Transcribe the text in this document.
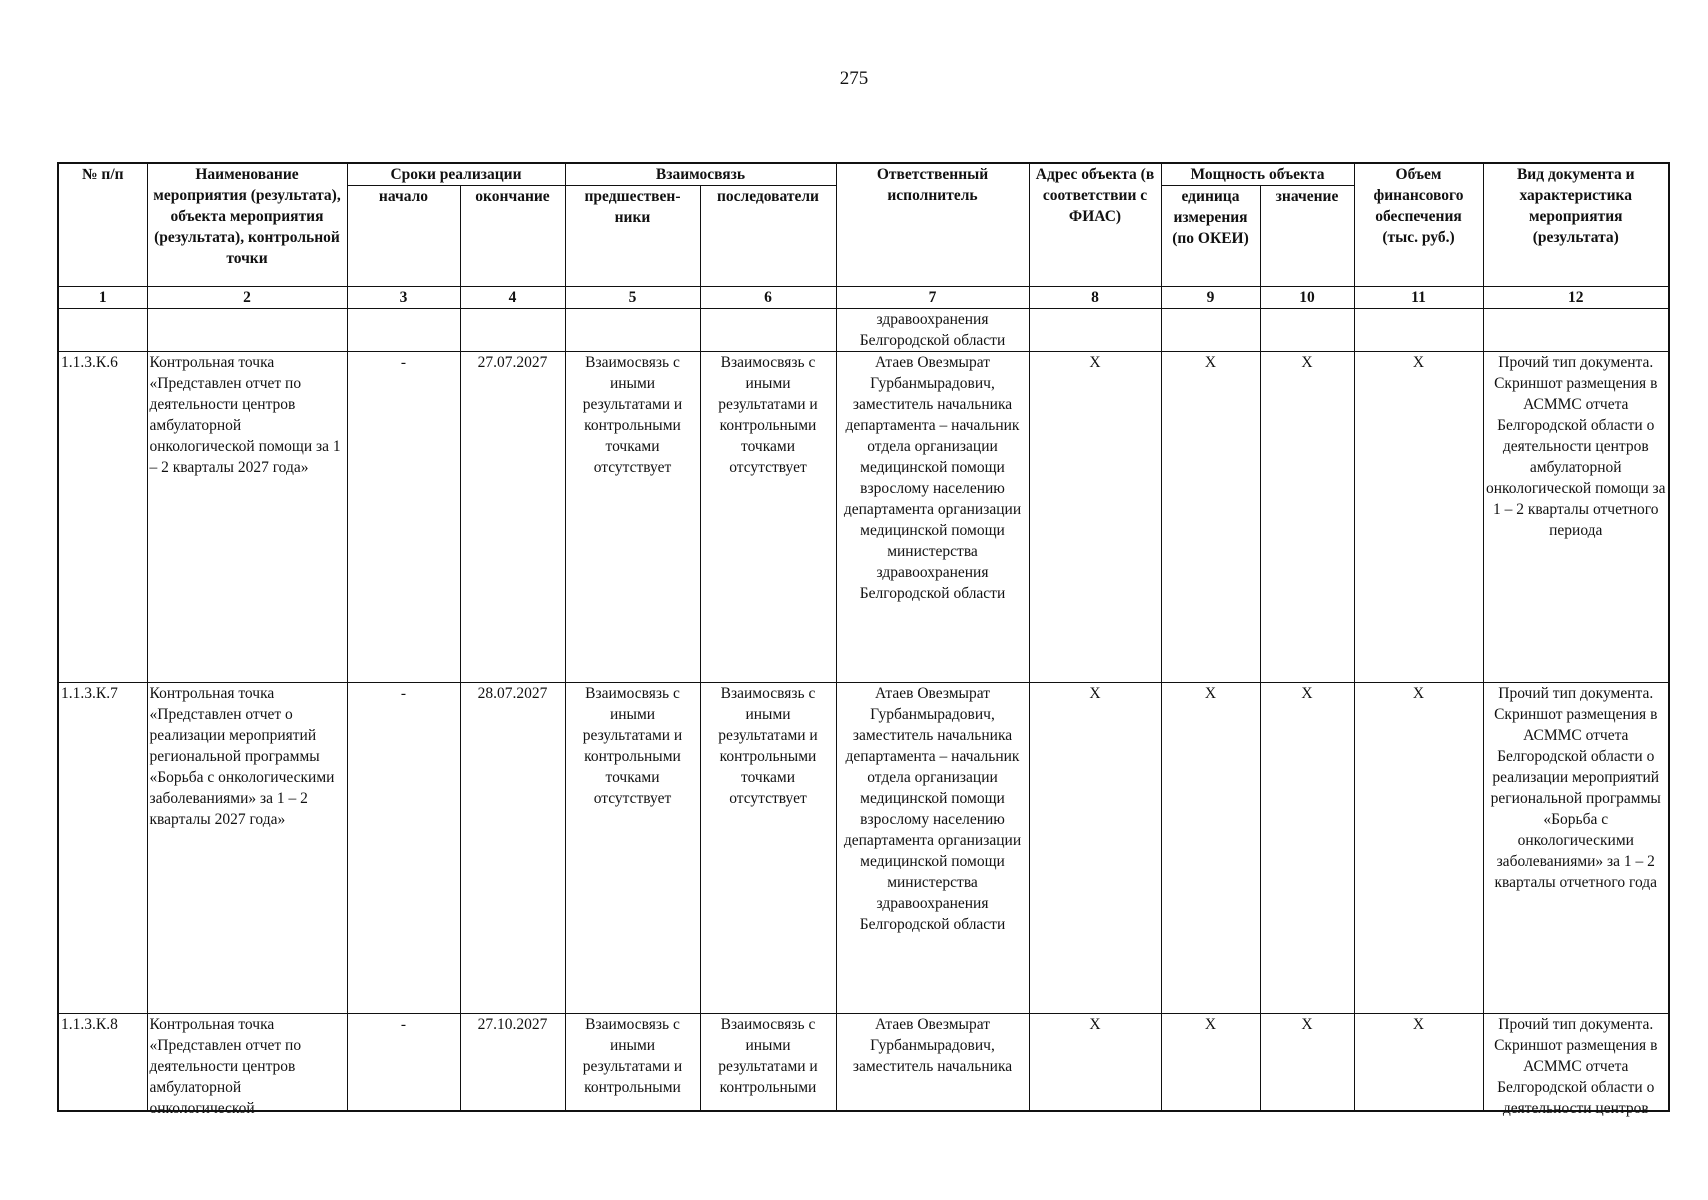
275
№ п/п	Наименование мероприятия (результата), объекта мероприятия (результата), контрольной точки	Сроки реализации		Взаимосвязь		Ответственный исполнитель	Адрес объекта (в соответствии с ФИАС)	Мощность объекта		Объем финансового обеспечения (тыс. руб.)	Вид документа и характеристика мероприятия (результата)
		начало	окончание	предшествен-ники	последователи			единица измерения (по ОКЕИ)	значение		
1	2	3	4	5	6	7	8	9	10	11	12
						здравоохранения Белгородской области					
1.1.3.К.6	Контрольная точка «Представлен отчет по деятельности центров амбулаторной онкологической помощи за 1 – 2 кварталы 2027 года»	-	27.07.2027	Взаимосвязь с иными результатами и контрольными точками отсутствует	Взаимосвязь с иными результатами и контрольными точками отсутствует	Атаев Овезмырат Гурбанмырадович, заместитель начальника департамента – начальник отдела организации медицинской помощи взрослому населению департамента организации медицинской помощи министерства здравоохранения Белгородской области	X	X	X	X	Прочий тип документа. Скриншот размещения в АСММС отчета Белгородской области о деятельности центров амбулаторной онкологической помощи за 1 – 2 кварталы отчетного периода
1.1.3.К.7	Контрольная точка «Представлен отчет о реализации мероприятий региональной программы «Борьба с онкологическими заболеваниями» за 1 – 2 кварталы 2027 года»	-	28.07.2027	Взаимосвязь с иными результатами и контрольными точками отсутствует	Взаимосвязь с иными результатами и контрольными точками отсутствует	Атаев Овезмырат Гурбанмырадович, заместитель начальника департамента – начальник отдела организации медицинской помощи взрослому населению департамента организации медицинской помощи министерства здравоохранения Белгородской области	X	X	X	X	Прочий тип документа. Скриншот размещения в АСММС отчета Белгородской области о реализации мероприятий региональной программы «Борьба с онкологическими заболеваниями» за 1 – 2 кварталы отчетного года

1.1.3.К.8	Контрольная точка «Представлен отчет по деятельности центров амбулаторной онкологической	-	27.10.2027	Взаимосвязь с иными результатами и контрольными	Взаимосвязь с иными результатами и контрольными	Атаев Овезмырат Гурбанмырадович, заместитель начальника	X	X	X	X	Прочий тип документа. Скриншот размещения в АСММС отчета Белгородской области о деятельности центров
